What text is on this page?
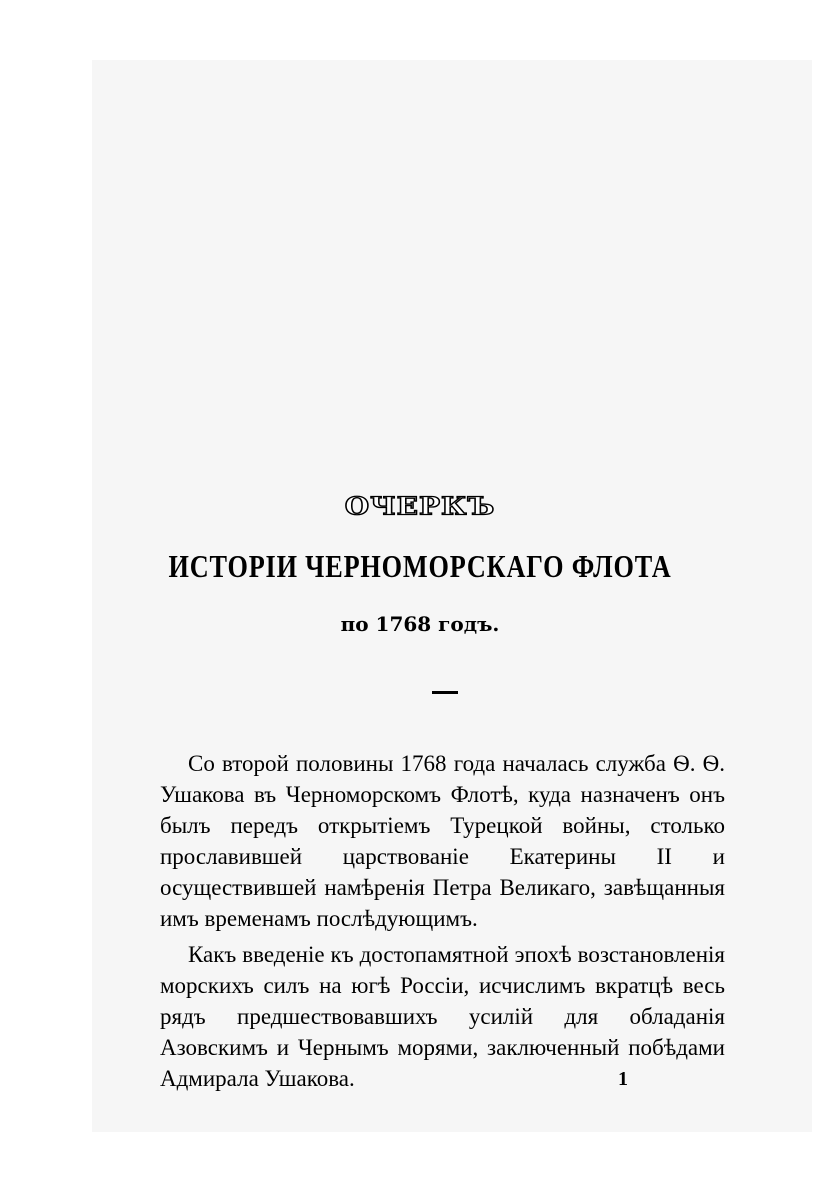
ОЧЕРКЪ
ИСТОРІИ ЧЕРНОМОРСКАГО ФЛОТА
по 1768 годъ.

Со второй половины 1768 года началась служба Ѳ. Ѳ. Ушакова въ Черноморскомъ Флотѣ, куда назначенъ онъ былъ передъ открытіемъ Турецкой войны, столько прославившей царствованіе Екатерины II и осуществившей намѣренія Петра Великаго, завѣщанныя имъ временамъ послѣдующимъ.

Какъ введеніе къ достопамятной эпохѣ возстановленія морскихъ силъ на югѣ Россіи, исчислимъ вкратцѣ весь рядъ предшествовавшихъ усилій для обладанія Азовскимъ и Чернымъ морями, заключенный побѣдами Адмирала Ушакова.	1
